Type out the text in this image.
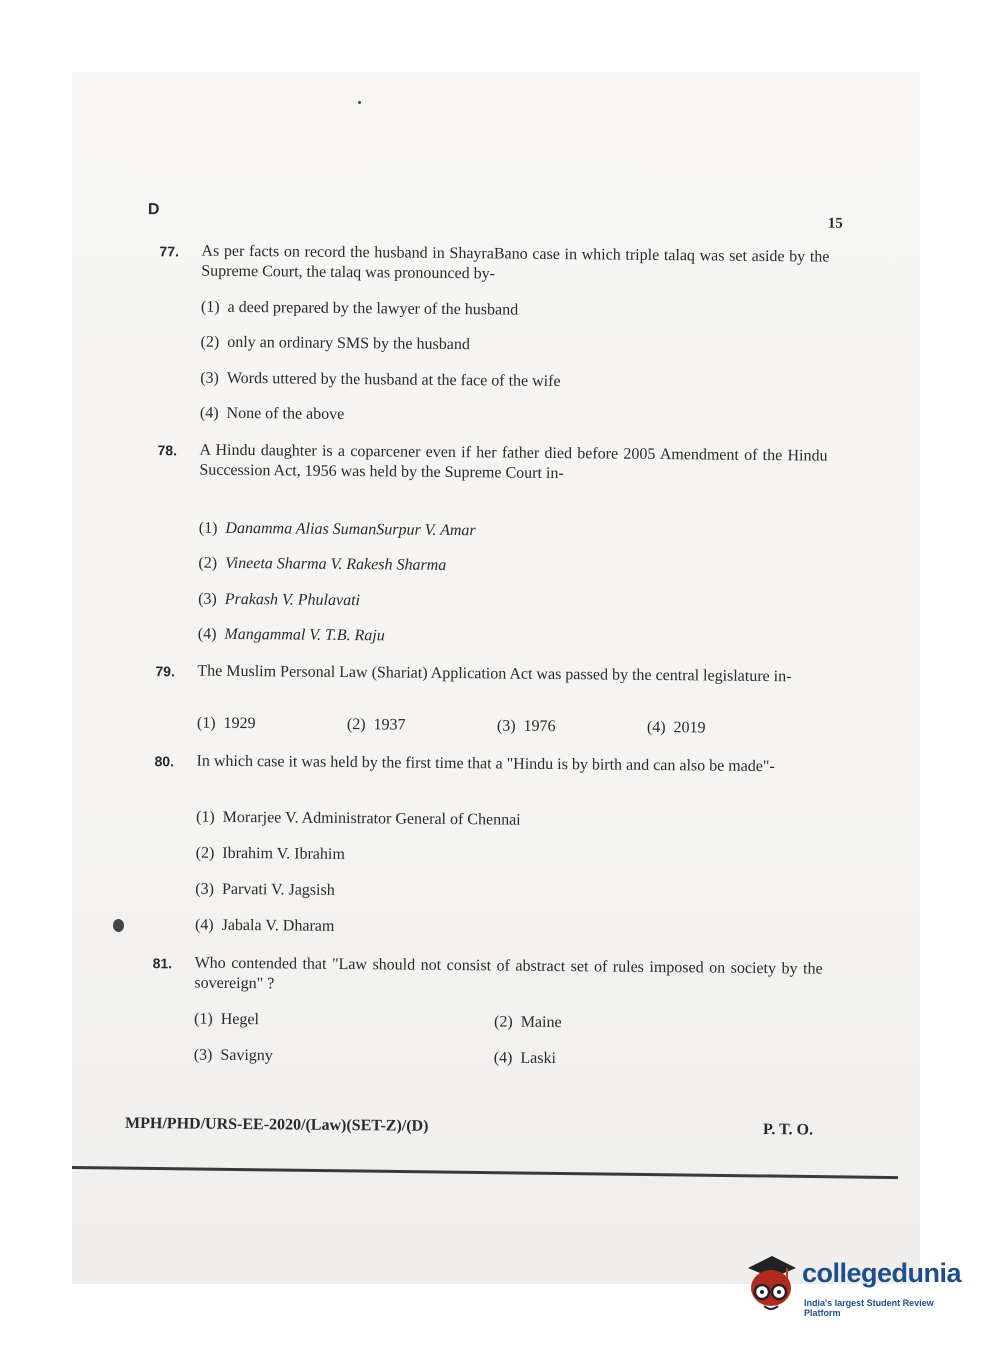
D
15
77. As per facts on record the husband in ShayraBano case in which triple talaq was set aside by the Supreme Court, the talaq was pronounced by-
(1) a deed prepared by the lawyer of the husband
(2) only an ordinary SMS by the husband
(3) Words uttered by the husband at the face of the wife
(4) None of the above
78. A Hindu daughter is a coparcener even if her father died before 2005 Amendment of the Hindu Succession Act, 1956 was held by the Supreme Court in-
(1) Danamma Alias SumanSurpur V. Amar
(2) Vineeta Sharma V. Rakesh Sharma
(3) Prakash V. Phulavati
(4) Mangammal V. T.B. Raju
79. The Muslim Personal Law (Shariat) Application Act was passed by the central legislature in-
(1) 1929	(2) 1937	(3) 1976	(4) 2019
80. In which case it was held by the first time that a "Hindu is by birth and can also be made"-
(1) Morarjee V. Administrator General of Chennai
(2) Ibrahim V. Ibrahim
(3) Parvati V. Jagsish
(4) Jabala V. Dharam
81. Who contended that "Law should not consist of abstract set of rules imposed on society by the sovereign" ?
(1) Hegel	(2) Maine
(3) Savigny	(4) Laski
MPH/PHD/URS-EE-2020/(Law)(SET-Z)/(D)	P. T. O.
collegedunia
India's largest Student Review Platform
